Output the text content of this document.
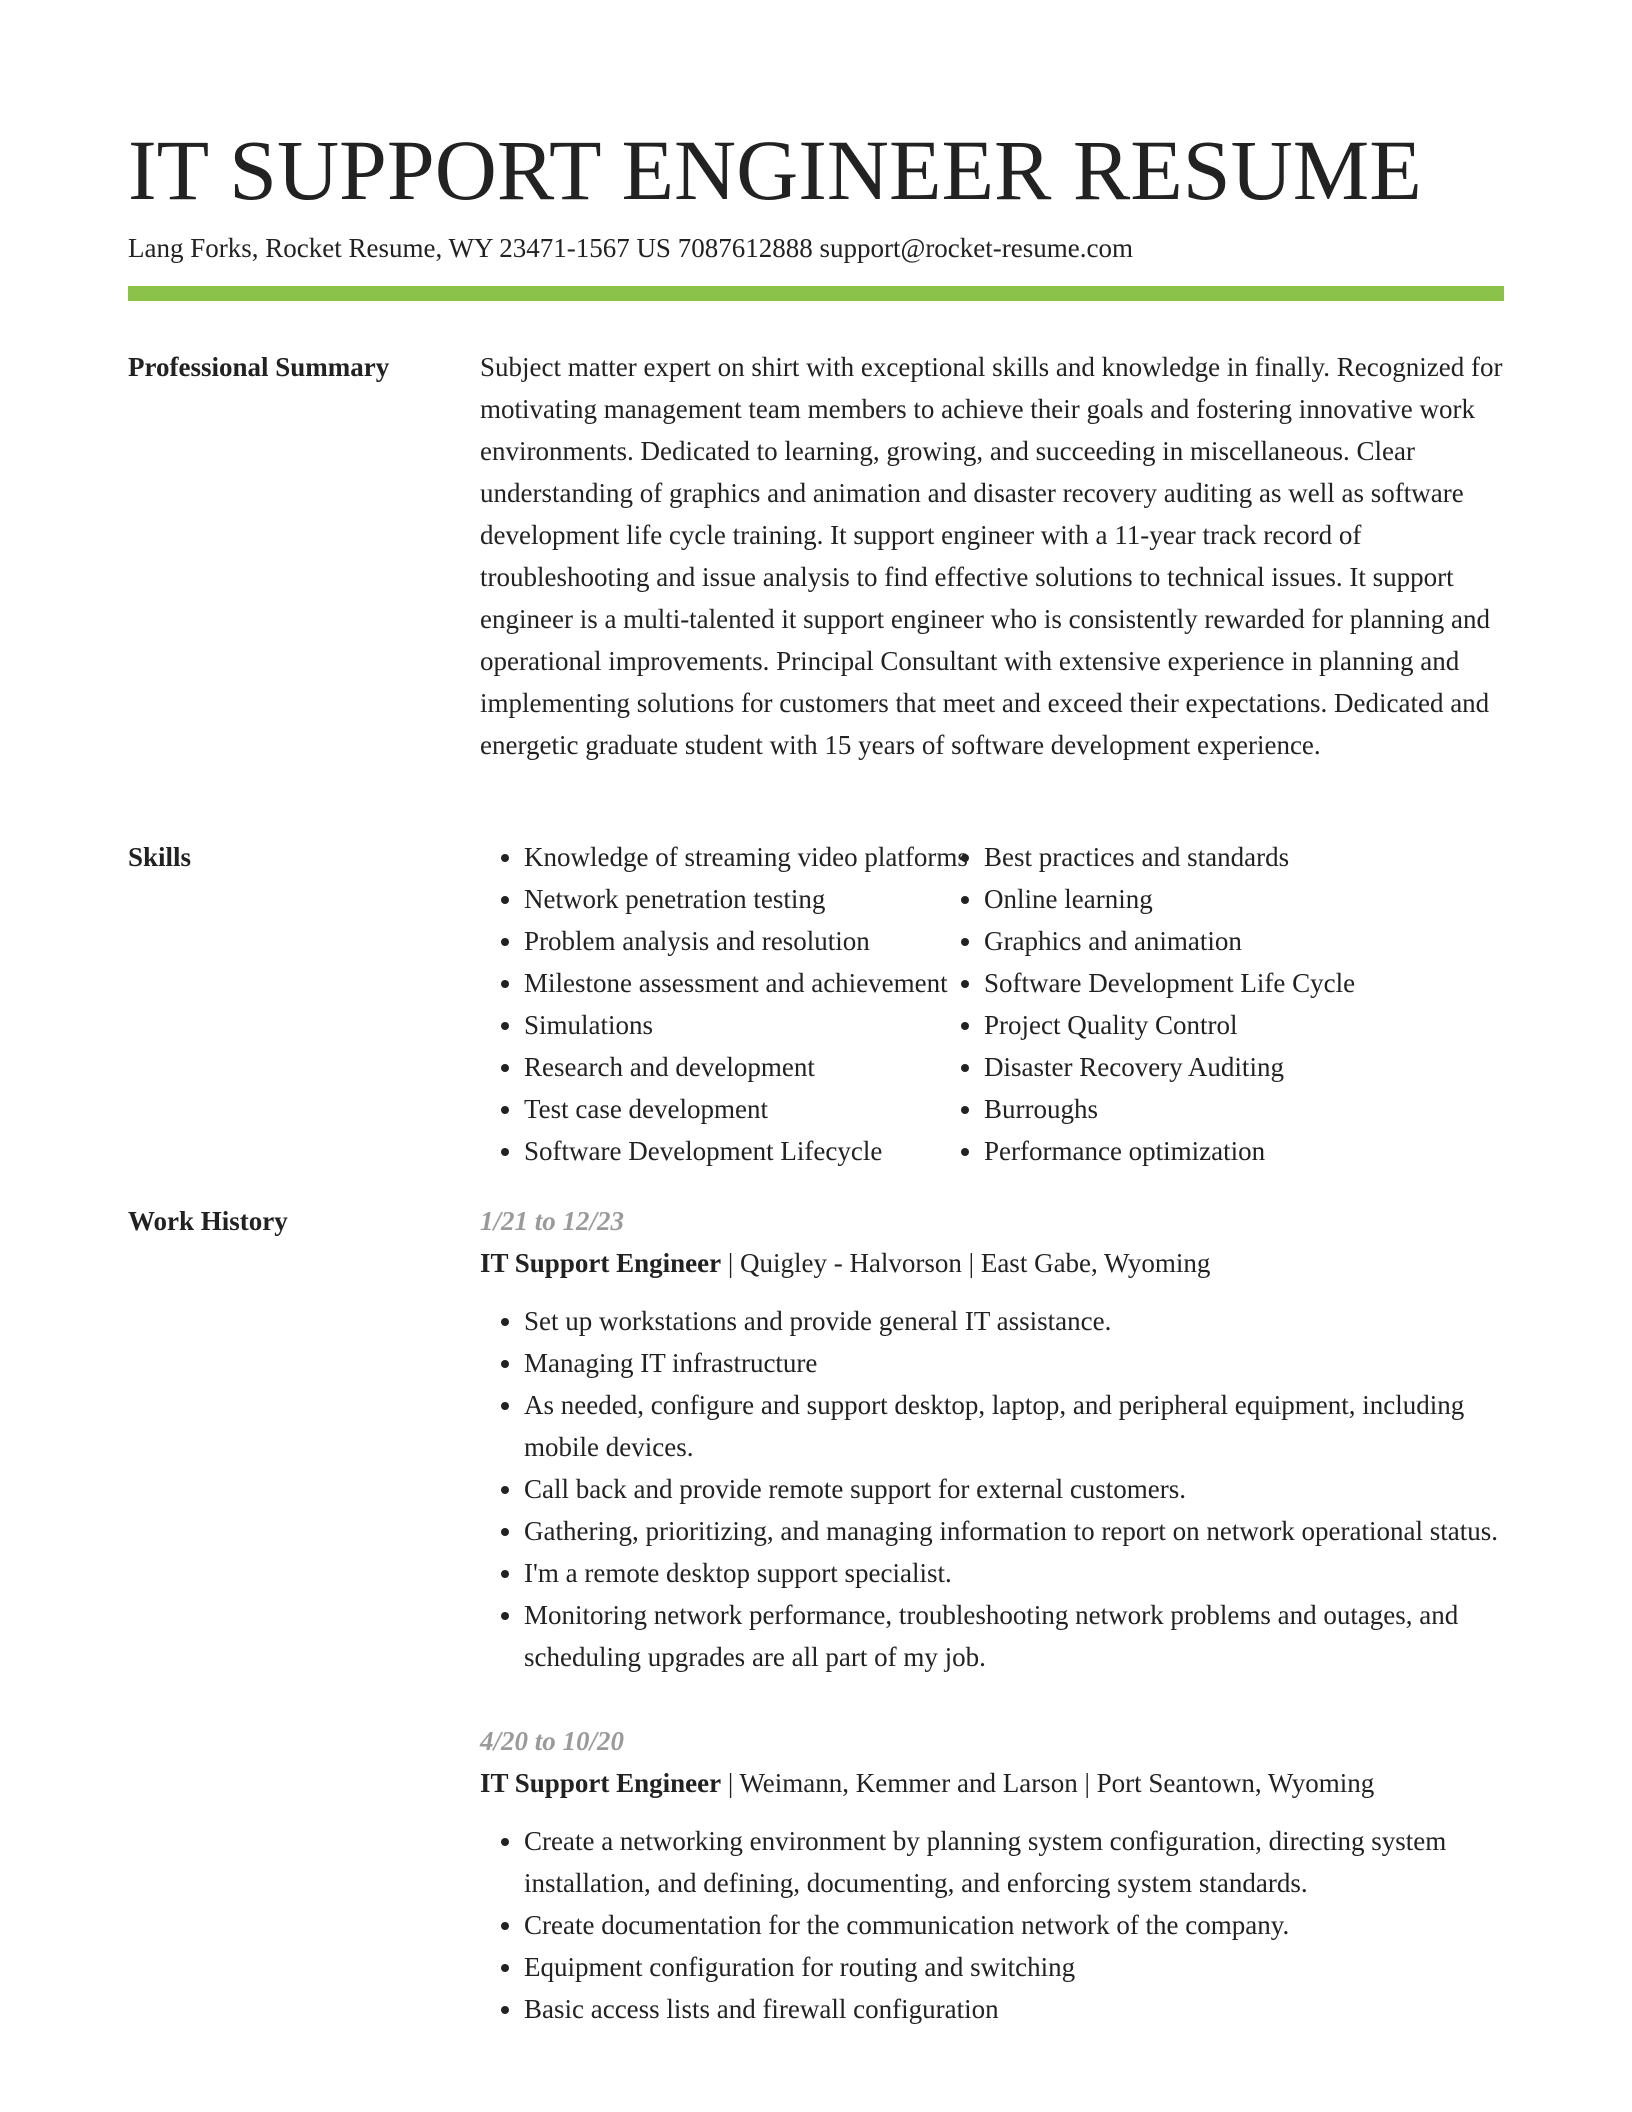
IT SUPPORT ENGINEER RESUME
Lang Forks, Rocket Resume, WY 23471-1567 US 7087612888 support@rocket-resume.com
Professional Summary	Subject matter expert on shirt with exceptional skills and knowledge in finally. Recognized for motivating management team members to achieve their goals and fostering innovative work environments. Dedicated to learning, growing, and succeeding in miscellaneous. Clear understanding of graphics and animation and disaster recovery auditing as well as software development life cycle training. It support engineer with a 11-year track record of troubleshooting and issue analysis to find effective solutions to technical issues. It support engineer is a multi-talented it support engineer who is consistently rewarded for planning and operational improvements. Principal Consultant with extensive experience in planning and implementing solutions for customers that meet and exceed their expectations. Dedicated and energetic graduate student with 15 years of software development experience.

Skills
•	Knowledge of streaming video platforms
• Network penetration testing
• Problem analysis and resolution
• Milestone assessment and achievement
• Simulations
• Research and development
• Test case development
• Software Development Lifecycle
• Best practices and standards
• Online learning
• Graphics and animation
• Software Development Life Cycle
• Project Quality Control
• Disaster Recovery Auditing
• Burroughs
• Performance optimization
Work History	1/21 to 12/23
IT Support Engineer | Quigley - Halvorson | East Gabe, Wyoming
• Set up workstations and provide general IT assistance.
• Managing IT infrastructure
• As needed, configure and support desktop, laptop, and peripheral equipment, including mobile devices.
• Call back and provide remote support for external customers.
• Gathering, prioritizing, and managing information to report on network operational status.
• I'm a remote desktop support specialist.
• Monitoring network performance, troubleshooting network problems and outages, and scheduling upgrades are all part of my job.
4/20 to 10/20
IT Support Engineer | Weimann, Kemmer and Larson | Port Seantown, Wyoming
• Create a networking environment by planning system configuration, directing system installation, and defining, documenting, and enforcing system standards.
• Create documentation for the communication network of the company.
• Equipment configuration for routing and switching
• Basic access lists and firewall configuration
